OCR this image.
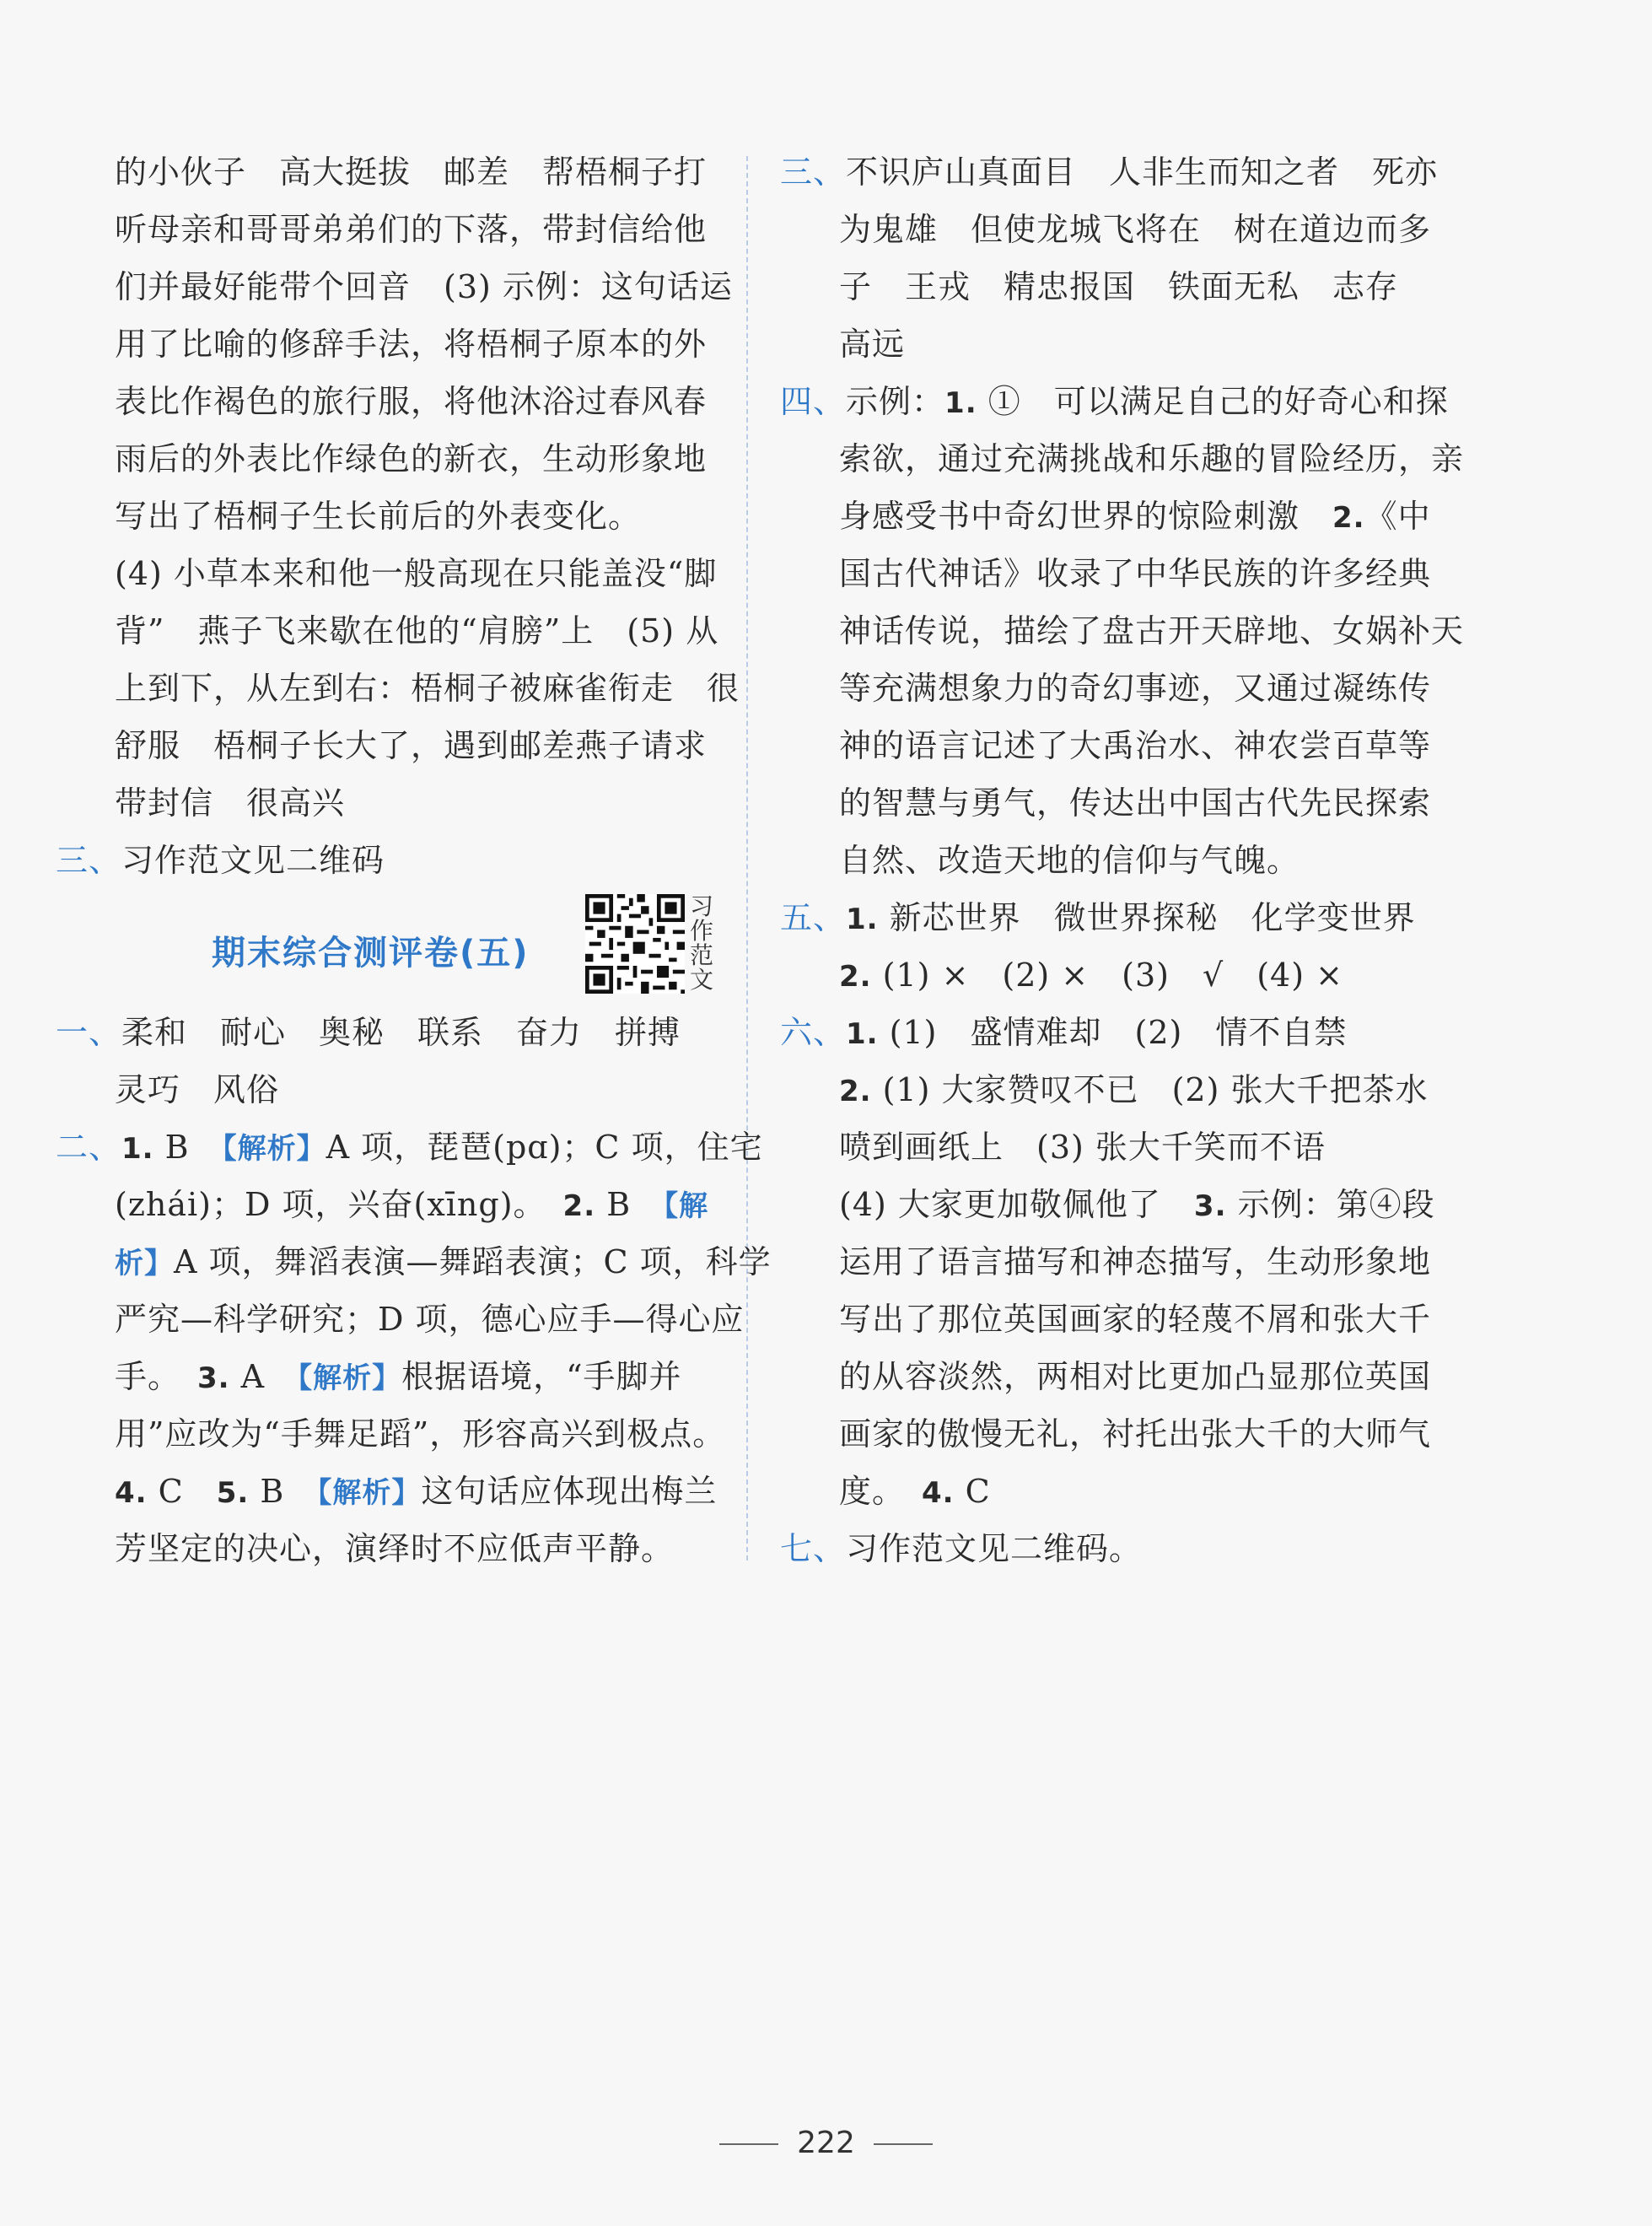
的小伙子　高大挺拔　邮差　帮梧桐子打
听母亲和哥哥弟弟们的下落，带封信给他
们并最好能带个回音　(3) 示例：这句话运
用了比喻的修辞手法，将梧桐子原本的外
表比作褐色的旅行服，将他沐浴过春风春
雨后的外表比作绿色的新衣，生动形象地
写出了梧桐子生长前后的外表变化。
(4) 小草本来和他一般高现在只能盖没“脚
背”　燕子飞来歇在他的“肩膀”上　(5) 从
上到下，从左到右：梧桐子被麻雀衔走　很
舒服　梧桐子长大了，遇到邮差燕子请求
带封信　很高兴
三、习作范文见二维码
期末综合测评卷(五)
习作范文
一、柔和　耐心　奥秘　联系　奋力　拼搏
灵巧　风俗
二、1. B　【解析】A 项，琵琶(pɑ)；C 项，住宅
(zhái)；D 项，兴奋(xīng)。　2. B　【解
析】A 项，舞滔表演—舞蹈表演；C 项，科学
严究—科学研究；D 项，德心应手—得心应
手。　3. A　【解析】根据语境，“手脚并
用”应改为“手舞足蹈”，形容高兴到极点。
4. C　5. B　【解析】这句话应体现出梅兰
芳坚定的决心，演绎时不应低声平静。
三、不识庐山真面目　人非生而知之者　死亦
为鬼雄　但使龙城飞将在　树在道边而多
子　王戎　精忠报国　铁面无私　志存
高远
四、示例：1. ①　可以满足自己的好奇心和探
索欲，通过充满挑战和乐趣的冒险经历，亲
身感受书中奇幻世界的惊险刺激　2.《中
国古代神话》收录了中华民族的许多经典
神话传说，描绘了盘古开天辟地、女娲补天
等充满想象力的奇幻事迹，又通过凝练传
神的语言记述了大禹治水、神农尝百草等
的智慧与勇气，传达出中国古代先民探索
自然、改造天地的信仰与气魄。
五、1. 新芯世界　微世界探秘　化学变世界
2. (1) ×　(2) ×　(3)　√　(4) ×
六、1. (1)　盛情难却　(2)　情不自禁
2. (1) 大家赞叹不已　(2) 张大千把茶水
喷到画纸上　(3) 张大千笑而不语
(4) 大家更加敬佩他了　3. 示例：第④段
运用了语言描写和神态描写，生动形象地
写出了那位英国画家的轻蔑不屑和张大千
的从容淡然，两相对比更加凸显那位英国
画家的傲慢无礼，衬托出张大千的大师气
度。　4. C
七、习作范文见二维码。
222
